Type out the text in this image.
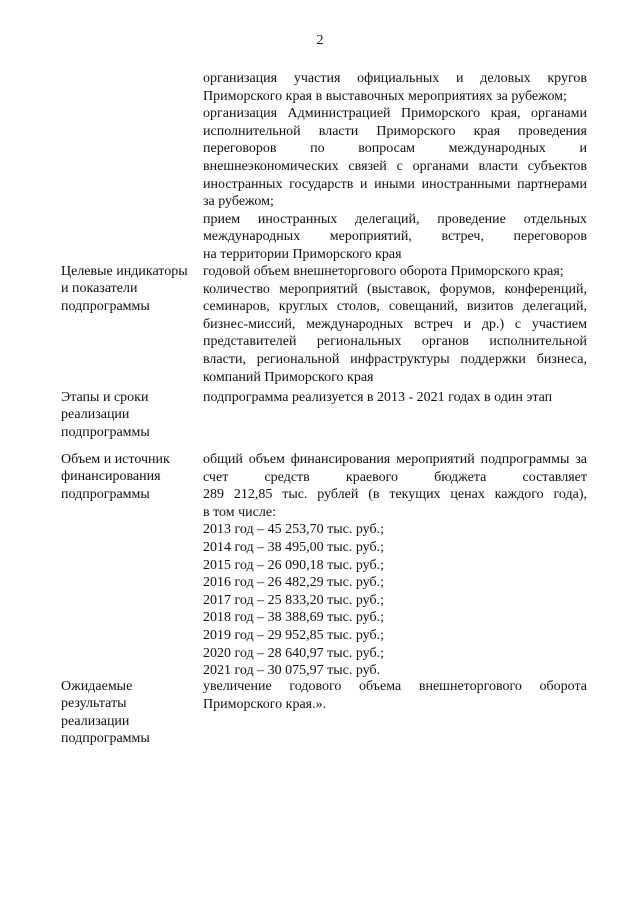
2
организация участия официальных и деловых кругов
Приморского края в выставочных мероприятиях за рубежом;
организация Администрацией Приморского края, органами
исполнительной власти Приморского края проведения
переговоров по вопросам международных и
внешнеэкономических связей с органами власти субъектов
иностранных государств и иными иностранными партнерами
за рубежом;
прием иностранных делегаций, проведение отдельных
международных мероприятий, встреч, переговоров
на территории Приморского края
Целевые индикаторы
и показатели
подпрограммы
годовой объем внешнеторгового оборота Приморского края;
количество мероприятий (выставок, форумов, конференций,
семинаров, круглых столов, совещаний, визитов делегаций,
бизнес-миссий, международных встреч и др.) с участием
представителей региональных органов исполнительной
власти, региональной инфраструктуры поддержки бизнеса,
компаний Приморского края
Этапы и сроки
реализации
подпрограммы
подпрограмма реализуется в 2013 - 2021 годах в один этап
Объем и источник
финансирования
подпрограммы
общий объем финансирования мероприятий подпрограммы за
счет средств краевого бюджета составляет
289 212,85 тыс. рублей (в текущих ценах каждого года),
в том числе:
2013 год – 45 253,70 тыс. руб.;
2014 год – 38 495,00 тыс. руб.;
2015 год – 26 090,18 тыс. руб.;
2016 год – 26 482,29 тыс. руб.;
2017 год – 25 833,20 тыс. руб.;
2018 год – 38 388,69 тыс. руб.;
2019 год – 29 952,85 тыс. руб.;
2020 год – 28 640,97 тыс. руб.;
2021 год – 30 075,97 тыс. руб.
Ожидаемые
результаты
реализации
подпрограммы
увеличение годового объема внешнеторгового оборота
Приморского края.».
